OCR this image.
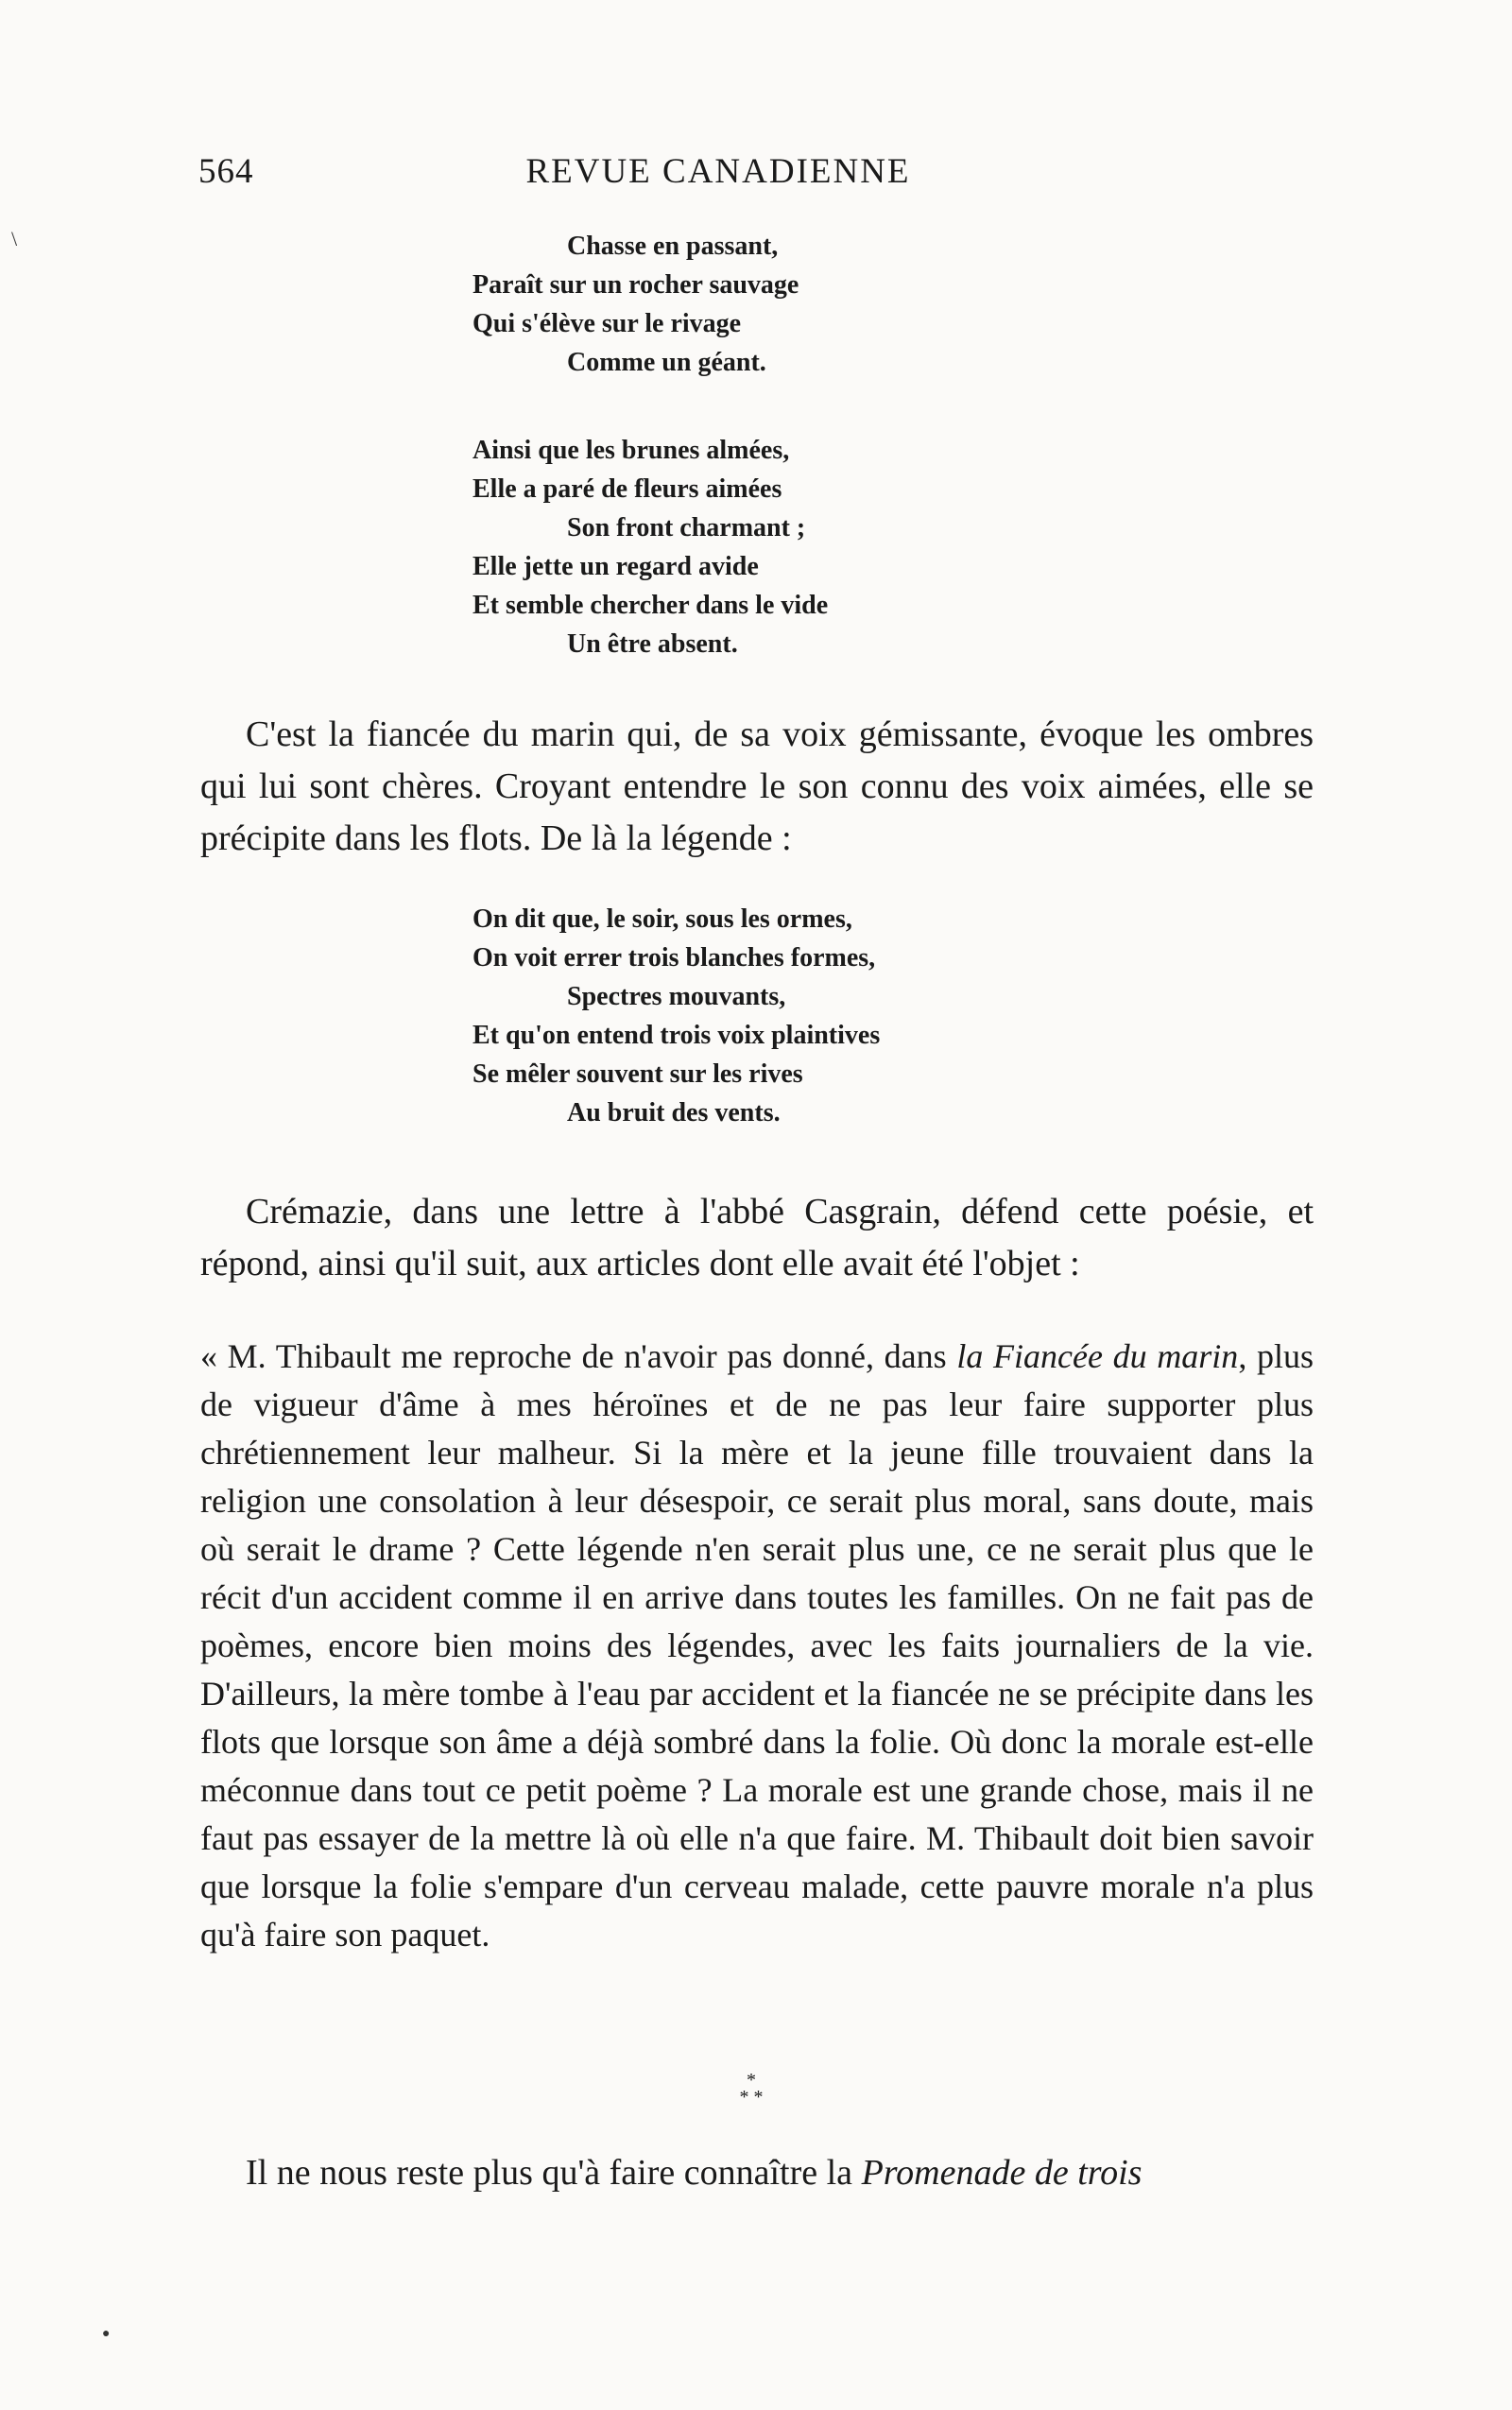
564	REVUE CANADIENNE
\	Chasse en passant,
Paraît sur un rocher sauvage
Qui s'élève sur le rivage
Comme un géant.
Ainsi que les brunes almées,
Elle a paré de fleurs aimées
Son front charmant ;
Elle jette un regard avide
Et semble chercher dans le vide
Un être absent.

C'est la fiancée du marin qui, de sa voix gémissante, évoque les ombres qui lui sont chères. Croyant entendre le son connu des voix aimées, elle se précipite dans les flots. De là la légende :

On dit que, le soir, sous les ormes,
On voit errer trois blanches formes,
Spectres mouvants,
Et qu'on entend trois voix plaintives
Se mêler souvent sur les rives
Au bruit des vents.

Crémazie, dans une lettre à l'abbé Casgrain, défend cette poésie, et répond, ainsi qu'il suit, aux articles dont elle avait été l'objet :

« M. Thibault me reproche de n'avoir pas donné, dans la Fiancée du marin, plus de vigueur d'âme à mes héroïnes et de ne pas leur faire supporter plus chrétiennement leur malheur. Si la mère et la jeune fille trouvaient dans la religion une consolation à leur désespoir, ce serait plus moral, sans doute, mais où serait le drame ? Cette légende n'en serait plus une, ce ne serait plus que le récit d'un accident comme il en arrive dans toutes les familles. On ne fait pas de poèmes, encore bien moins des légendes, avec les faits journaliers de la vie. D'ailleurs, la mère tombe à l'eau par accident et la fiancée ne se précipite dans les flots que lorsque son âme a déjà sombré dans la folie. Où donc la morale est-elle méconnue dans tout ce petit poème ? La morale est une grande chose, mais il ne faut pas essayer de la mettre là où elle n'a que faire. M. Thibault doit bien savoir que lorsque la folie s'empare d'un cerveau malade, cette pauvre morale n'a plus qu'à faire son paquet.

*
* *

Il ne nous reste plus qu'à faire connaître la Promenade de trois

●
